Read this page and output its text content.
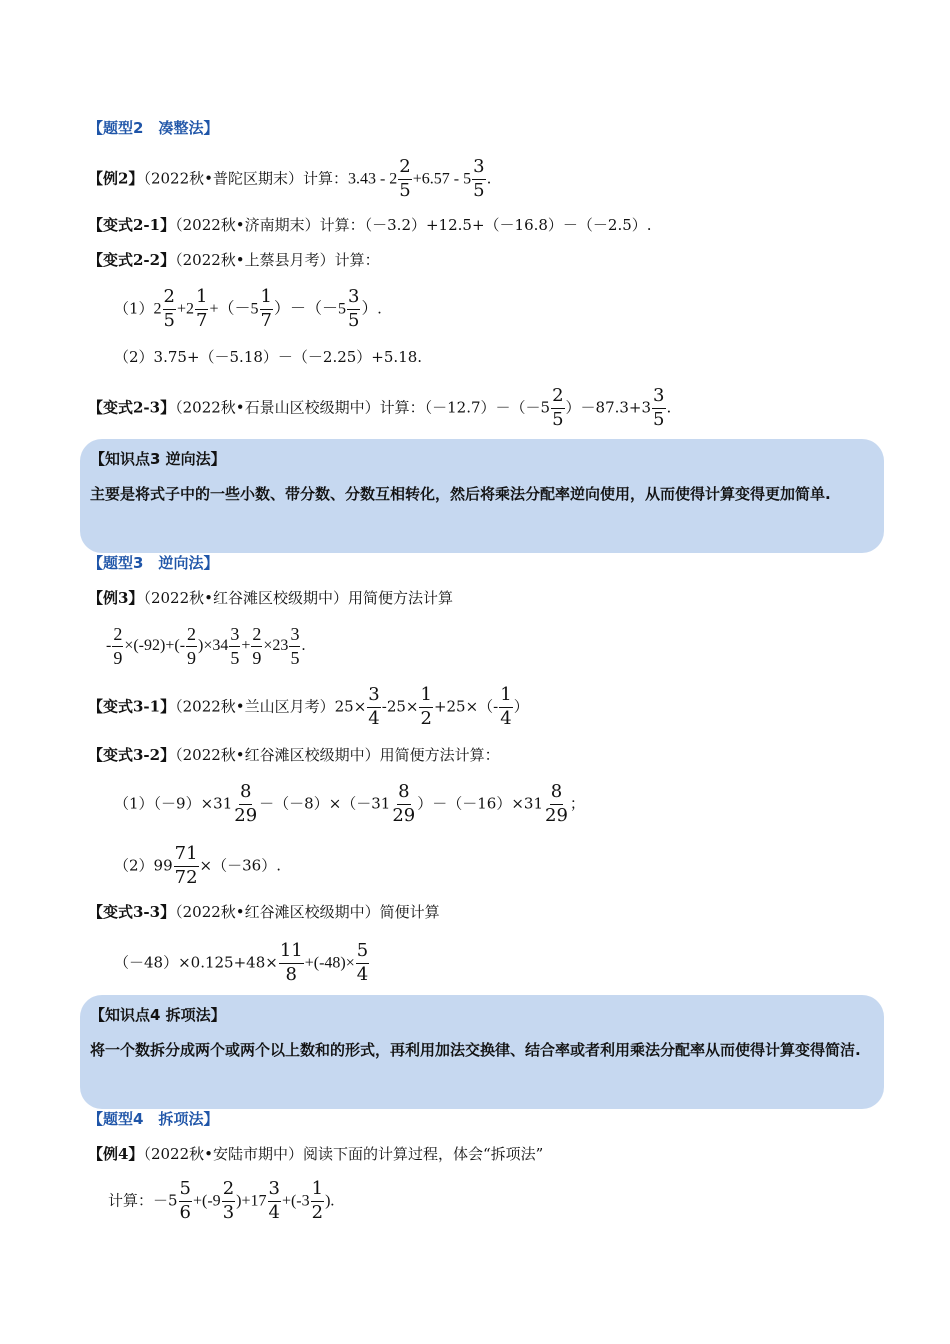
【题型2　凑整法】
【例2】（2022秋•普陀区期末）计算：$3.43 - 2 \frac{2}{5} +6.57 - 5 \frac{3}{5}$ .
【变式2-1】（2022秋•济南期末）计算：（－3.2）+12.5+（－16.8）－（－2.5）.
【变式2-2】（2022秋•上蔡县月考）计算：
$(1)2 \frac{2}{5} +2 \frac{1}{7} +(-5 \frac{1}{7} )-(-5 \frac{3}{5}$ ）.
（2）3.75+（－5.18）－（－2.25）+5.18.
【变式2-3】（2022秋•石景山区校级期中）计算：$(-12.7)-(-5 \frac{2}{5} )-87.3+3 \frac{3}{5}$ .
【知识点3 逆向法】
主要是将式子中的一些小数、带分数、分数互相转化，然后将乘法分配率逆向使用，从而使得计算变得更加简单.
【题型3　逆向法】
【例3】（2022秋•红谷滩区校级期中）用简便方法计算
- $\frac{2}{9} \times(-92)+(- \frac{2}{9} )\times 34 \frac{3}{5} + \frac{2}{9} \times 23 \frac{3}{5}$ .
【变式3-1】（2022秋•兰山区月考）$25\times \frac{3}{4} -25\times \frac{1}{2} +25\times(- \frac{1}{4}$ ）
【变式3-2】（2022秋•红谷滩区校级期中）用简便方法计算：
$(1)(-9)\times 31 \frac{8}{29} -(-8)\times(-31 \frac{8}{29} )-(-16)\times 31 \frac{8}{29}$ ；
$(2)99 \frac{71}{72} \times(-36)$.
【变式3-3】（2022秋•红谷滩区校级期中）简便计算
$(-48)\times 0.125+48\times \frac{11}{8} +(-48)\times \frac{5}{4}$
【知识点4 拆项法】
将一个数拆分成两个或两个以上数和的形式，再利用加法交换律、结合率或者利用乘法分配率从而使得计算变得简洁.
【题型4　拆项法】
【例4】（2022秋•安陆市期中）阅读下面的计算过程，体会“拆项法”
计算：$-5 \frac{5}{6} +(-9 \frac{2}{3} )+17 \frac{3}{4} +(-3 \frac{1}{2}$ ).
